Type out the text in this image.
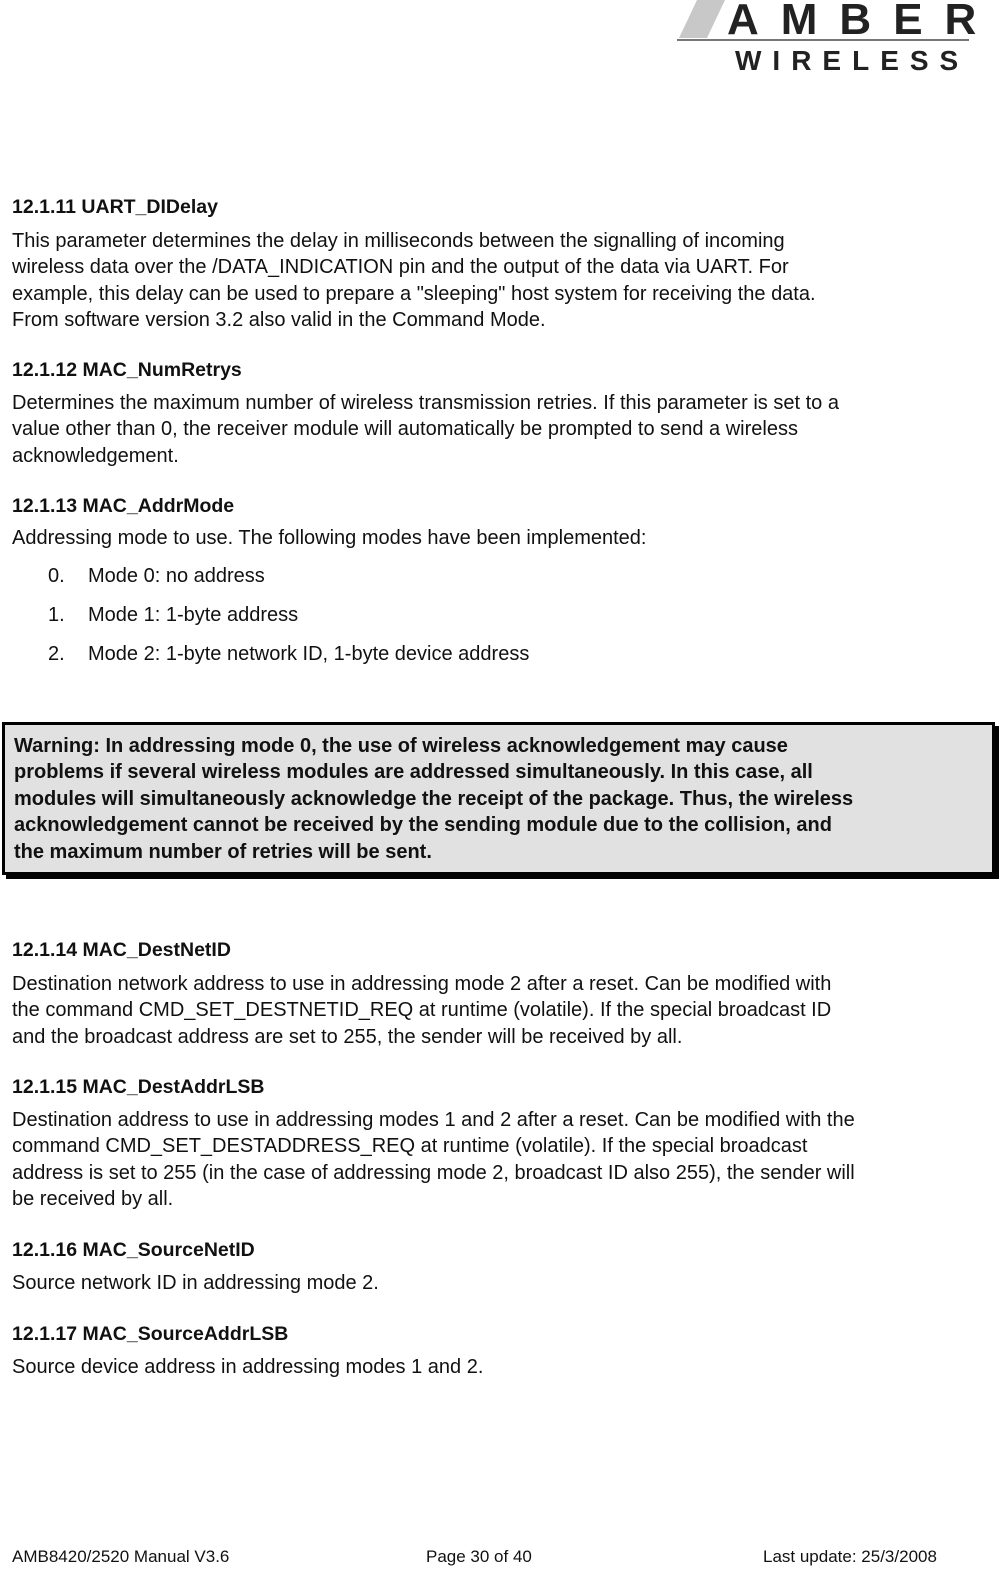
AMBER
WIRELESS
12.1.11 UART_DIDelay
This parameter determines the delay in milliseconds between the signalling of incoming
wireless data over the /DATA_INDICATION pin and the output of the data via UART. For
example, this delay can be used to prepare a "sleeping" host system for receiving the data.
From software version 3.2 also valid in the Command Mode.
12.1.12 MAC_NumRetrys
Determines the maximum number of wireless transmission retries. If this parameter is set to a
value other than 0, the receiver module will automatically be prompted to send a wireless
acknowledgement.
12.1.13 MAC_AddrMode
Addressing mode to use. The following modes have been implemented:
12.1.14 MAC_DestNetID
Destination network address to use in addressing mode 2 after a reset. Can be modified with
the command CMD_SET_DESTNETID_REQ at runtime (volatile). If the special broadcast ID
and the broadcast address are set to 255, the sender will be received by all.
12.1.15 MAC_DestAddrLSB
Destination address to use in addressing modes 1 and 2 after a reset. Can be modified with the
command CMD_SET_DESTADDRESS_REQ at runtime (volatile). If the special broadcast
address is set to 255 (in the case of addressing mode 2, broadcast ID also 255), the sender will
be received by all.
12.1.16 MAC_SourceNetID
Source network ID in addressing mode 2.
12.1.17 MAC_SourceAddrLSB
Source device address in addressing modes 1 and 2.
0. Mode 0: no address
1. Mode 1: 1-byte address
2. Mode 2: 1-byte network ID, 1-byte device address
Warning: In addressing mode 0, the use of wireless acknowledgement may cause
problems if several wireless modules are addressed simultaneously. In this case, all
modules will simultaneously acknowledge the receipt of the package. Thus, the wireless
acknowledgement cannot be received by the sending module due to the collision, and
the maximum number of retries will be sent.
AMB8420/2520 Manual V3.6	Page 30 of 40	Last update: 25/3/2008
